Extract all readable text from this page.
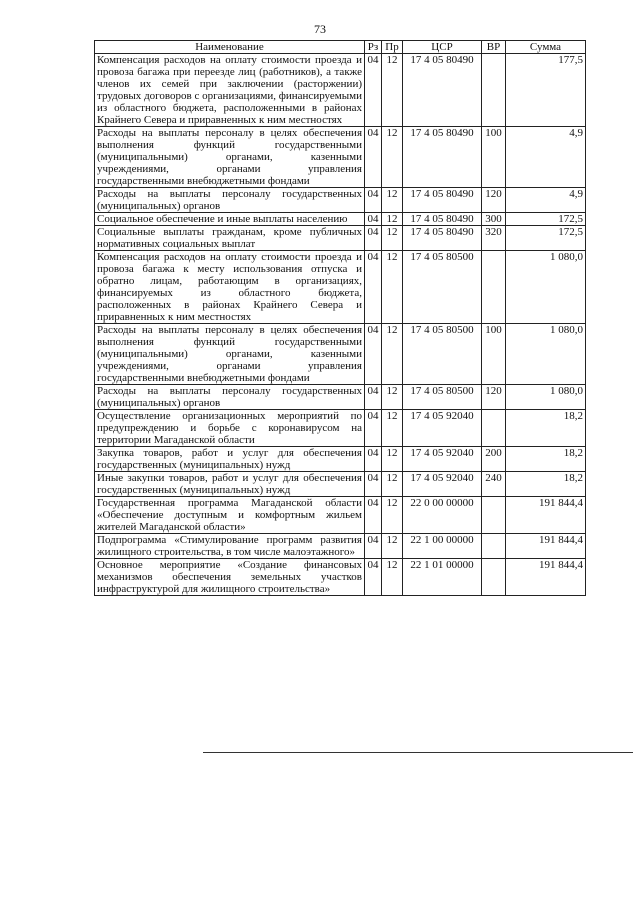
73
Наименование	Рз	Пр	ЦСР	ВР	Сумма
Компенсация расходов на оплату стоимости проезда и провоза багажа при переезде лиц (работников), а также членов их семей при заключении (расторжении) трудовых договоров с организациями, финансируемыми из областного бюджета, расположенными в районах Крайнего Севера и приравненных к ним местностях	04	12	17 4 05 80490		177,5
Расходы на выплаты персоналу в целях обеспечения выполнения функций государственными (муниципальными) органами, казенными учреждениями, органами управления государственными внебюджетными фондами	04	12	17 4 05 80490	100	4,9
Расходы на выплаты персоналу государственных (муниципальных) органов	04	12	17 4 05 80490	120	4,9
Социальное обеспечение и иные выплаты населению	04	12	17 4 05 80490	300	172,5
Социальные выплаты гражданам, кроме публичных нормативных социальных выплат	04	12	17 4 05 80490	320	172,5
Компенсация расходов на оплату стоимости проезда и провоза багажа к месту использования отпуска и обратно лицам, работающим в организациях, финансируемых из областного бюджета, расположенных в районах Крайнего Севера и приравненных к ним местностях	04	12	17 4 05 80500		1 080,0
Расходы на выплаты персоналу в целях обеспечения выполнения функций государственными (муниципальными) органами, казенными учреждениями, органами управления государственными внебюджетными фондами	04	12	17 4 05 80500	100	1 080,0
Расходы на выплаты персоналу государственных (муниципальных) органов	04	12	17 4 05 80500	120	1 080,0
Осуществление организационных мероприятий по предупреждению и борьбе с коронавирусом на территории Магаданской области	04	12	17 4 05 92040		18,2
Закупка товаров, работ и услуг для обеспечения государственных (муниципальных) нужд	04	12	17 4 05 92040	200	18,2
Иные закупки товаров, работ и услуг для обеспечения государственных (муниципальных) нужд	04	12	17 4 05 92040	240	18,2
Государственная программа Магаданской области «Обеспечение доступным и комфортным жильем жителей Магаданской области»	04	12	22 0 00 00000		191 844,4
Подпрограмма «Стимулирование программ развития жилищного строительства, в том числе малоэтажного»	04	12	22 1 00 00000		191 844,4
Основное мероприятие «Создание финансовых механизмов обеспечения земельных участков инфраструктурой для жилищного строительства»	04	12	22 1 01 00000		191 844,4
